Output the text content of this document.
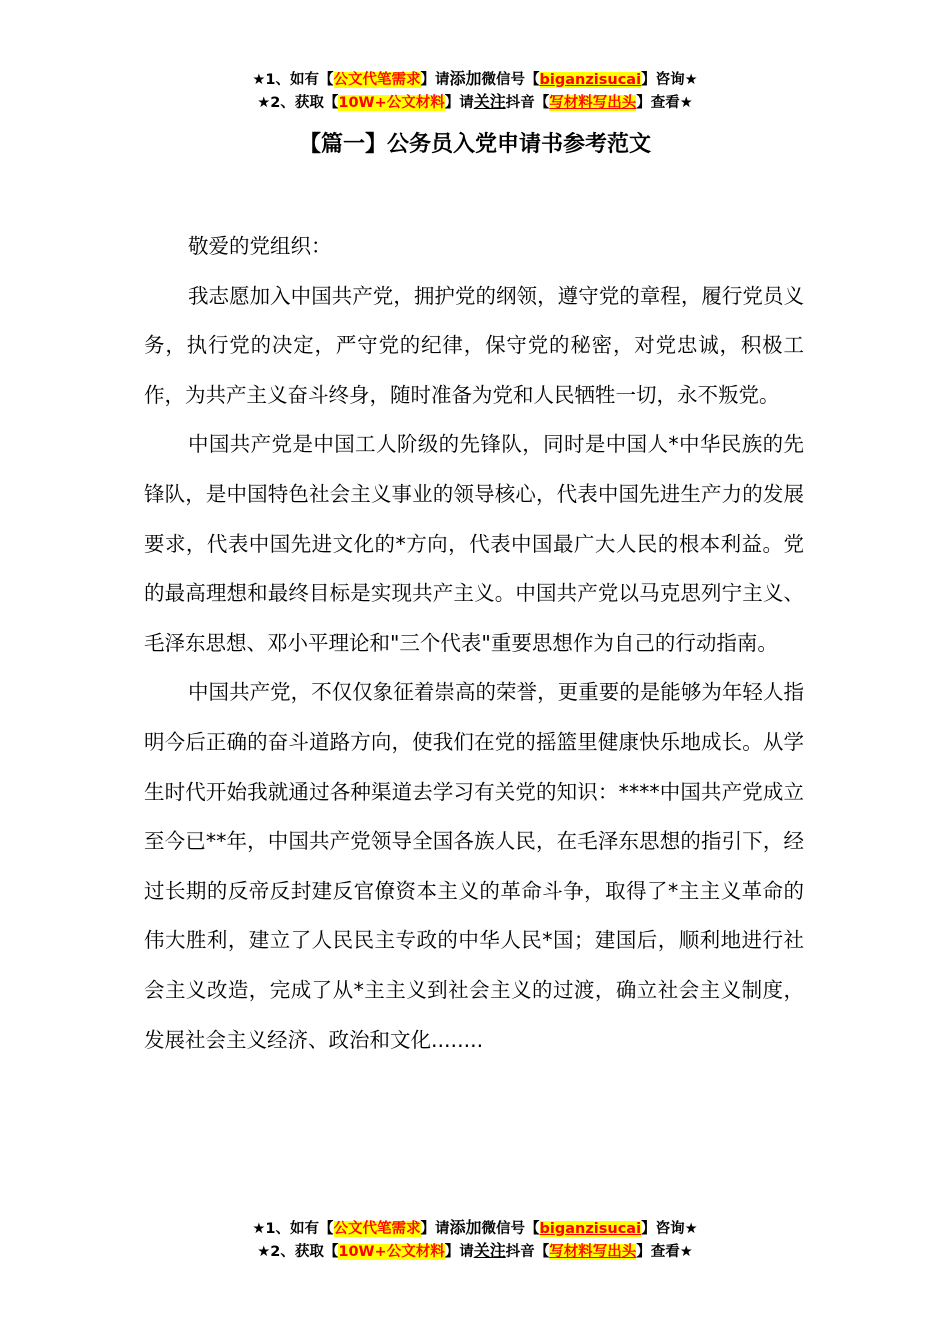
★1、如有【公文代笔需求】请添加微信号【biganzisucai】咨询★
★2、获取【10W+公文材料】请关注抖音【写材料写出头】查看★
【篇一】公务员入党申请书参考范文

敬爱的党组织：

我志愿加入中国共产党，拥护党的纲领，遵守党的章程，履行党员义务，执行党的决定，严守党的纪律，保守党的秘密，对党忠诚，积极工作，为共产主义奋斗终身，随时准备为党和人民牺牲一切，永不叛党。

中国共产党是中国工人阶级的先锋队，同时是中国人*中华民族的先锋队，是中国特色社会主义事业的领导核心，代表中国先进生产力的发展要求，代表中国先进文化的*方向，代表中国最广大人民的根本利益。党的最高理想和最终目标是实现共产主义。中国共产党以马克思列宁主义、毛泽东思想、邓小平理论和"三个代表"重要思想作为自己的行动指南。

中国共产党，不仅仅象征着崇高的荣誉，更重要的是能够为年轻人指明今后正确的奋斗道路方向，使我们在党的摇篮里健康快乐地成长。从学生时代开始我就通过各种渠道去学习有关党的知识：****中国共产党成立至今已**年，中国共产党领导全国各族人民，在毛泽东思想的指引下，经过长期的反帝反封建反官僚资本主义的革命斗争，取得了*主主义革命的伟大胜利，建立了人民民主专政的中华人民*国；建国后，顺利地进行社会主义改造，完成了从*主主义到社会主义的过渡，确立社会主义制度，发展社会主义经济、政治和文化........

★1、如有【公文代笔需求】请添加微信号【biganzisucai】咨询★
★2、获取【10W+公文材料】请关注抖音【写材料写出头】查看★
